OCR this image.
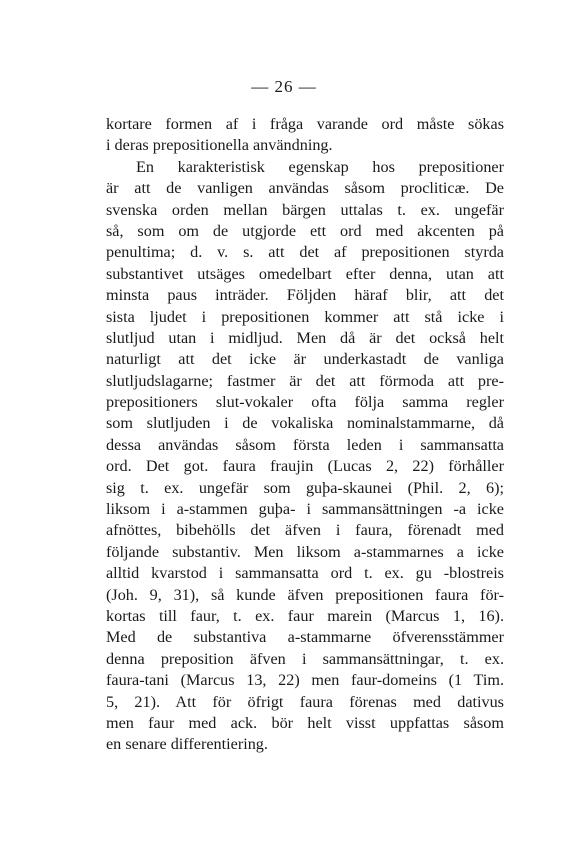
— 26 —
kortare formen af i fråga varande ord måste sökas
i deras prepositionella användning.
En karakteristisk egenskap hos prepositioner
är att de vanligen användas såsom procliticæ. De
svenska orden mellan bärgen uttalas t. ex. ungefär
så, som om de utgjorde ett ord med akcenten på
penultima; d. v. s. att det af prepositionen styrda
substantivet utsäges omedelbart efter denna, utan att
minsta paus inträder. Följden häraf blir, att det
sista ljudet i prepositionen kommer att stå icke i
slutljud utan i midljud. Men då är det också helt
naturligt att det icke är underkastadt de vanliga
slutljudslagarne; fastmer är det att förmoda att pre-
prepositioners slut-vokaler ofta följa samma regler
som slutljuden i de vokaliska nominalstammarne, då
dessa användas såsom första leden i sammansatta
ord. Det got. faura fraujin (Lucas 2, 22) förhåller
sig t. ex. ungefär som guþa-skaunei (Phil. 2, 6);
liksom i a-stammen guþa- i sammansättningen -a icke
afnöttes, bibehölls det äfven i faura, förenadt med
följande substantiv. Men liksom a-stammarnes a icke
alltid kvarstod i sammansatta ord t. ex. gu -blostreis
(Joh. 9, 31), så kunde äfven prepositionen faura för-
kortas till faur, t. ex. faur marein (Marcus 1, 16).
Med de substantiva a-stammarne öfverensstämmer
denna preposition äfven i sammansättningar, t. ex.
faura-tani (Marcus 13, 22) men faur-domeins (1 Tim.
5, 21). Att för öfrigt faura förenas med dativus
men faur med ack. bör helt visst uppfattas såsom
en senare differentiering.
